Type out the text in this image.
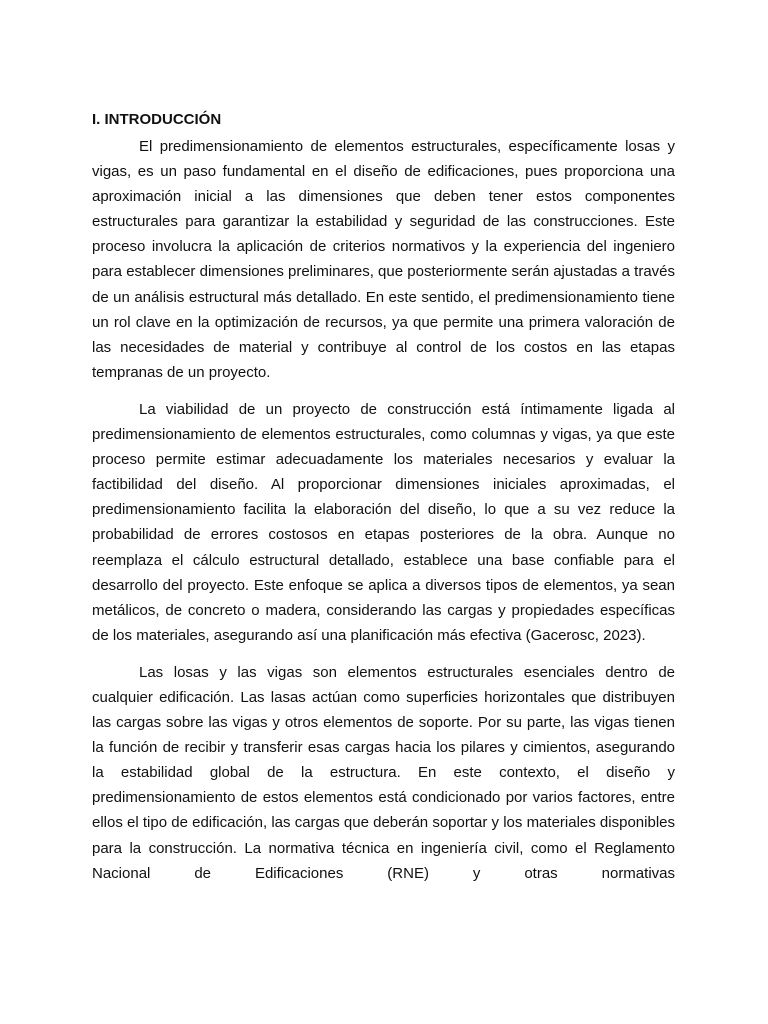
I. INTRODUCCIÓN

El predimensionamiento de elementos estructurales, específicamente losas y vigas, es un paso fundamental en el diseño de edificaciones, pues proporciona una aproximación inicial a las dimensiones que deben tener estos componentes estructurales para garantizar la estabilidad y seguridad de las construcciones. Este proceso involucra la aplicación de criterios normativos y la experiencia del ingeniero para establecer dimensiones preliminares, que posteriormente serán ajustadas a través de un análisis estructural más detallado. En este sentido, el predimensionamiento tiene un rol clave en la optimización de recursos, ya que permite una primera valoración de las necesidades de material y contribuye al control de los costos en las etapas tempranas de un proyecto.

La viabilidad de un proyecto de construcción está íntimamente ligada al predimensionamiento de elementos estructurales, como columnas y vigas, ya que este proceso permite estimar adecuadamente los materiales necesarios y evaluar la factibilidad del diseño. Al proporcionar dimensiones iniciales aproximadas, el predimensionamiento facilita la elaboración del diseño, lo que a su vez reduce la probabilidad de errores costosos en etapas posteriores de la obra. Aunque no reemplaza el cálculo estructural detallado, establece una base confiable para el desarrollo del proyecto. Este enfoque se aplica a diversos tipos de elementos, ya sean metálicos, de concreto o madera, considerando las cargas y propiedades específicas de los materiales, asegurando así una planificación más efectiva (Gacerosc, 2023).

Las losas y las vigas son elementos estructurales esenciales dentro de cualquier edificación. Las lasas actúan como superficies horizontales que distribuyen las cargas sobre las vigas y otros elementos de soporte. Por su parte, las vigas tienen la función de recibir y transferir esas cargas hacia los pilares y cimientos, asegurando la estabilidad global de la estructura. En este contexto, el diseño y predimensionamiento de estos elementos está condicionado por varios factores, entre ellos el tipo de edificación, las cargas que deberán soportar y los materiales disponibles para la construcción. La normativa técnica en ingeniería civil, como el Reglamento Nacional de Edificaciones (RNE) y otras normativas
